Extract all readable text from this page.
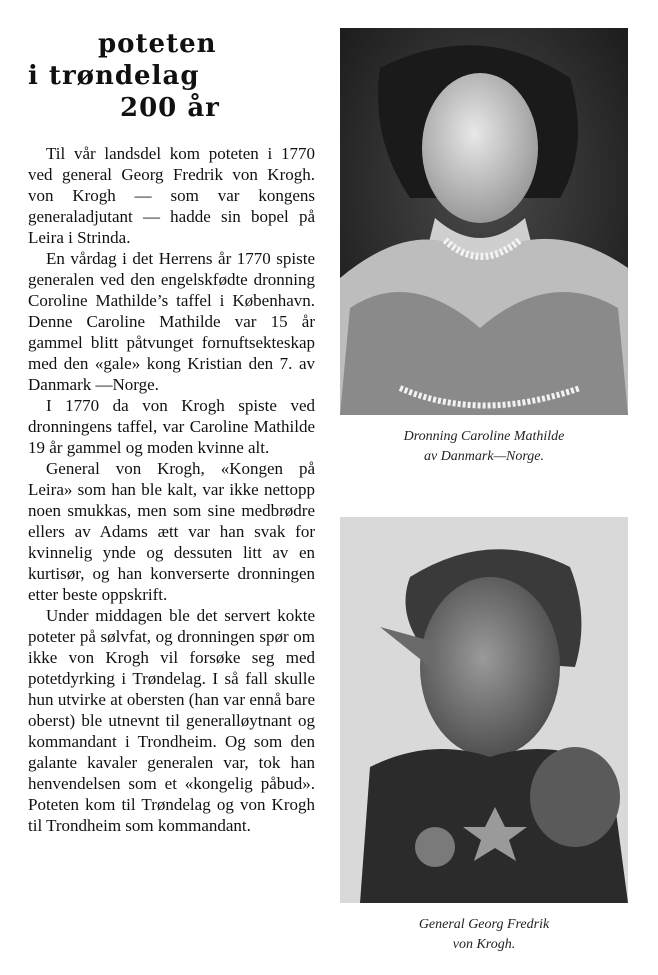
poteten
i trøndelag
200 år

Til vår landsdel kom poteten i 1770 ved general Georg Fredrik von Krogh. von Krogh — som var kongens generaladjutant — hadde sin bopel på Leira i Strinda.

En vårdag i det Herrens år 1770 spiste generalen ved den engelskfødte dronning Coroline Mathilde’s taffel i København. Denne Caroline Mathilde var 15 år gammel blitt påtvunget fornuftsekteskap med den «gale» kong Kristian den 7. av Danmark —Norge.

I 1770 da von Krogh spiste ved dronningens taffel, var Caroline Mathilde 19 år gammel og moden kvinne alt.

General von Krogh, «Kongen på Leira» som han ble kalt, var ikke nettopp noen smukkas, men som sine medbrødre ellers av Adams ætt var han svak for kvinnelig ynde og dessuten litt av en kurtisør, og han konverserte dronningen etter beste oppskrift.

Under middagen ble det servert kokte poteter på sølvfat, og dronningen spør om ikke von Krogh vil forsøke seg med potetdyrking i Trøndelag. I så fall skulle hun utvirke at obersten (han var ennå bare oberst) ble utnevnt til generalløytnant og kommandant i Trondheim. Og som den galante kavaler generalen var, tok han henvendelsen som et «kongelig påbud». Poteten kom til Trøndelag og von Krogh til Trondheim som kommandant.

Dronning Caroline Mathilde
av Danmark—Norge.
General Georg Fredrik
von Krogh.
